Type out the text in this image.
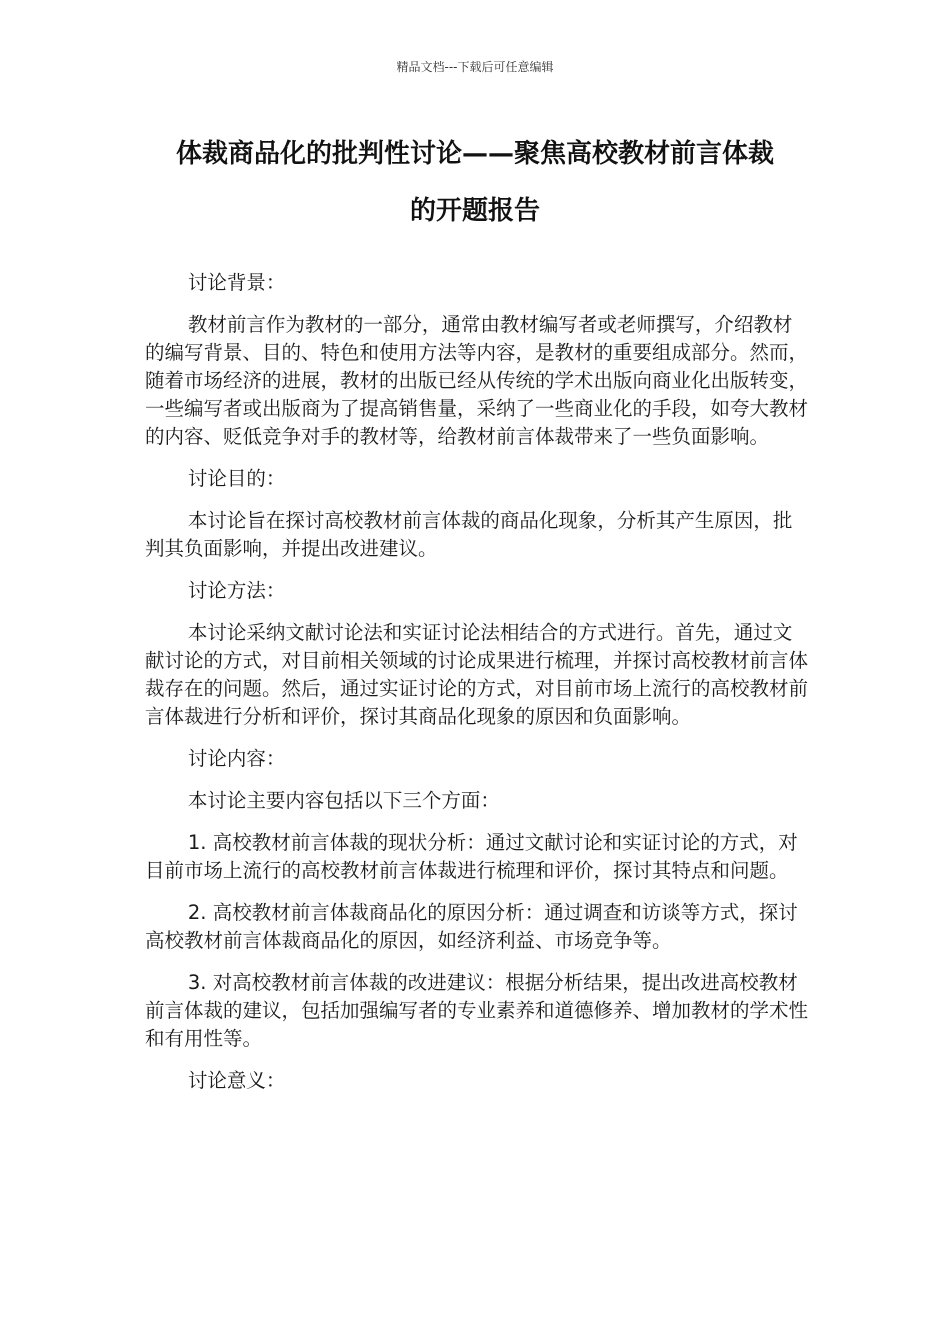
精品文档---下载后可任意编辑
体裁商品化的批判性讨论——聚焦高校教材前言体裁
的开题报告

讨论背景：

教材前言作为教材的一部分，通常由教材编写者或老师撰写，介绍教材的编写背景、目的、特色和使用方法等内容，是教材的重要组成部分。然而，随着市场经济的进展，教材的出版已经从传统的学术出版向商业化出版转变，一些编写者或出版商为了提高销售量，采纳了一些商业化的手段，如夸大教材的内容、贬低竞争对手的教材等，给教材前言体裁带来了一些负面影响。

讨论目的：

本讨论旨在探讨高校教材前言体裁的商品化现象，分析其产生原因，批判其负面影响，并提出改进建议。

讨论方法：

本讨论采纳文献讨论法和实证讨论法相结合的方式进行。首先，通过文献讨论的方式，对目前相关领域的讨论成果进行梳理，并探讨高校教材前言体裁存在的问题。然后，通过实证讨论的方式，对目前市场上流行的高校教材前言体裁进行分析和评价，探讨其商品化现象的原因和负面影响。

讨论内容：

本讨论主要内容包括以下三个方面：

1. 高校教材前言体裁的现状分析：通过文献讨论和实证讨论的方式，对目前市场上流行的高校教材前言体裁进行梳理和评价，探讨其特点和问题。

2. 高校教材前言体裁商品化的原因分析：通过调查和访谈等方式，探讨高校教材前言体裁商品化的原因，如经济利益、市场竞争等。

3. 对高校教材前言体裁的改进建议：根据分析结果，提出改进高校教材前言体裁的建议，包括加强编写者的专业素养和道德修养、增加教材的学术性和有用性等。

讨论意义：
